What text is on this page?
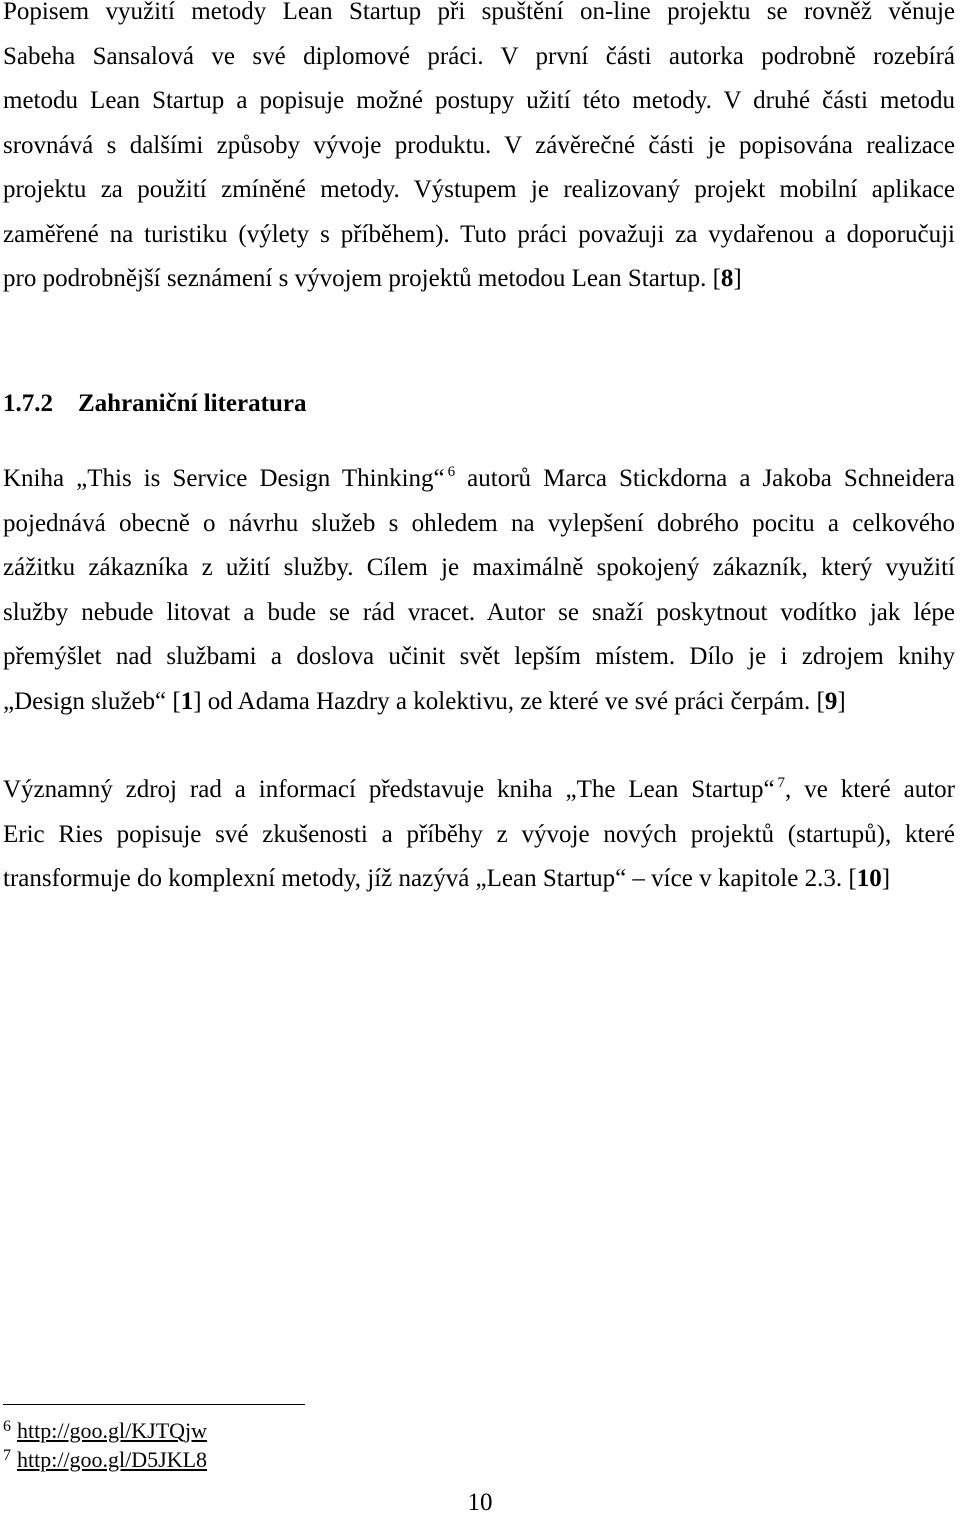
Popisem využití metody Lean Startup při spuštění on-line projektu se rovněž věnuje
Sabeha Sansalová ve své diplomové práci. V první části autorka podrobně rozebírá
metodu Lean Startup a popisuje možné postupy užití této metody. V druhé části metodu
srovnává s dalšími způsoby vývoje produktu. V závěrečné části je popisována realizace
projektu za použití zmíněné metody. Výstupem je realizovaný projekt mobilní aplikace
zaměřené na turistiku (výlety s příběhem). Tuto práci považuji za vydařenou a doporučuji
pro podrobnější seznámení s vývojem projektů metodou Lean Startup. [8]
1.7.2 Zahraniční literatura
Kniha „This is Service Design Thinking“ $^6$ autorů Marca Stickdorna a Jakoba Schneidera
pojednává obecně o návrhu služeb s ohledem na vylepšení dobrého pocitu a celkového
zážitku zákazníka z užití služby. Cílem je maximálně spokojený zákazník, který využití
služby nebude litovat a bude se rád vracet. Autor se snaží poskytnout vodítko jak lépe
přemýšlet nad službami a doslova učinit svět lepším místem. Dílo je i zdrojem knihy
„Design služeb“ [1] od Adama Hazdry a kolektivu, ze které ve své práci čerpám. [9]
Významný zdroj rad a informací představuje kniha „The Lean Startup“ $^7$, ve které autor
Eric Ries popisuje své zkušenosti a příběhy z vývoje nových projektů (startupů), které
transformuje do komplexní metody, jíž nazývá „Lean Startup“ – více v kapitole 2.3. [10]
6 http://goo.gl/KJTQjw
7 http://goo.gl/D5JKL8
10
